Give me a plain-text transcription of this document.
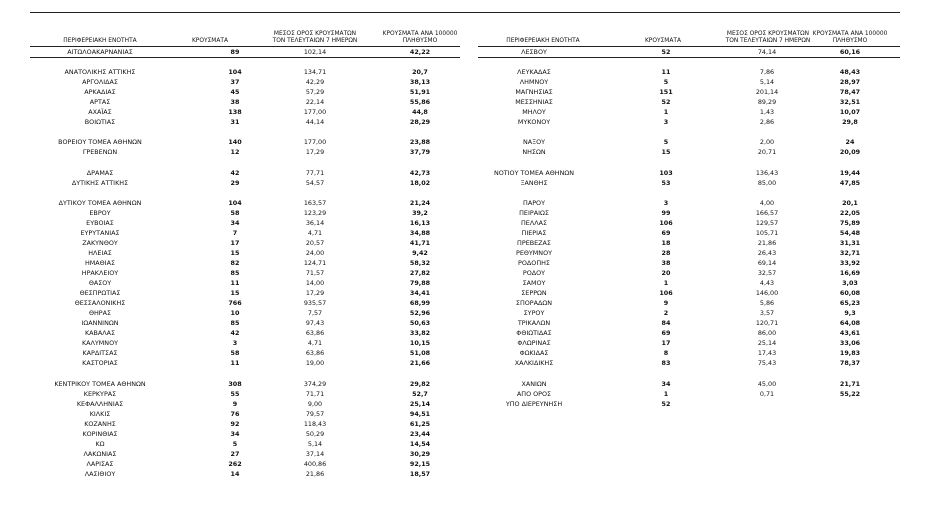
ΠΕΡΙΦΕΡΕΙΑΚΗ ΕΝΟΤΗΤΑ	ΚΡΟΥΣΜΑΤΑ
ΜΕΣΟΣ ΟΡΟΣ ΚΡΟΥΣΜΑΤΩΝ
ΤΟΝ ΤΕΛΕΥΤΑΙΩΝ 7 ΗΜΕΡΩΝ
ΚΡΟΥΣΜΑΤΑ ΑΝΑ 100000
ΠΛΗΘΥΣΜΟ
ΑΙΤΩΛΟΑΚΑΡΝΑΝΙΑΣ	89	102,14	42,22
ΑΝΑΤΟΛΙΚΗΣ ΑΤΤΙΚΗΣ	104	134,71	20,7
ΑΡΓΟΛΙΔΑΣ	37	42,29	38,13
ΑΡΚΑΔΙΑΣ	45	57,29	51,91
ΑΡΤΑΣ	38	22,14	55,86
ΑΧΑΪΑΣ	138	177,00	44,8
ΒΟΙΩΤΙΑΣ	31	44,14	28,29
ΒΟΡΕΙΟΥ ΤΟΜΕΑ ΑΘΗΝΩΝ	140	177,00	23,88
ΓΡΕΒΕΝΩΝ	12	17,29	37,79
ΔΡΑΜΑΣ	42	77,71	42,73
ΔΥΤΙΚΗΣ ΑΤΤΙΚΗΣ	29	54,57	18,02
ΔΥΤΙΚΟΥ ΤΟΜΕΑ ΑΘΗΝΩΝ	104	163,57	21,24
ΕΒΡΟΥ	58	123,29	39,2
ΕΥΒΟΙΑΣ	34	36,14	16,13
ΕΥΡΥΤΑΝΙΑΣ	7	4,71	34,88
ΖΑΚΥΝΘΟΥ	17	20,57	41,71
ΗΛΕΙΑΣ	15	24,00	9,42
ΗΜΑΘΙΑΣ	82	124,71	58,32
ΗΡΑΚΛΕΙΟΥ	85	71,57	27,82
ΘΑΣΟΥ	11	14,00	79,88
ΘΕΣΠΡΩΤΙΑΣ	15	17,29	34,41
ΘΕΣΣΑΛΟΝΙΚΗΣ	766	935,57	68,99
ΘΗΡΑΣ	10	7,57	52,96
ΙΩΑΝΝΙΝΩΝ	85	97,43	50,63
ΚΑΒΑΛΑΣ	42	63,86	33,82
ΚΑΛΥΜΝΟΥ	3	4,71	10,15
ΚΑΡΔΙΤΣΑΣ	58	63,86	51,08
ΚΑΣΤΟΡΙΑΣ	11	19,00	21,66
ΚΕΝΤΡΙΚΟΥ ΤΟΜΕΑ ΑΘΗΝΩΝ	308	374,29	29,82
ΚΕΡΚΥΡΑΣ	55	71,71	52,7
ΚΕΦΑΛΛΗΝΙΑΣ	9	9,00	25,14
ΚΙΛΚΙΣ	76	79,57	94,51
ΚΟΖΑΝΗΣ	92	118,43	61,25
ΚΟΡΙΝΘΙΑΣ	34	50,29	23,44
ΚΩ	5	5,14	14,54
ΛΑΚΩΝΙΑΣ	27	37,14	30,29
ΛΑΡΙΣΑΣ	262	400,86	92,15
ΛΑΣΙΘΙΟΥ	14	21,86	18,57
ΠΕΡΙΦΕΡΕΙΑΚΗ ΕΝΟΤΗΤΑ	ΚΡΟΥΣΜΑΤΑ
ΜΕΣΟΣ ΟΡΟΣ ΚΡΟΥΣΜΑΤΩΝ
ΤΟΝ ΤΕΛΕΥΤΑΙΩΝ 7 ΗΜΕΡΩΝ
ΚΡΟΥΣΜΑΤΑ ΑΝΑ 100000
ΠΛΗΘΥΣΜΟ
ΛΕΣΒΟΥ	52	74,14	60,16
ΛΕΥΚΑΔΑΣ	11	7,86	48,43
ΛΗΜΝΟΥ	5	5,14	28,97
ΜΑΓΝΗΣΙΑΣ	151	201,14	78,47
ΜΕΣΣΗΝΙΑΣ	52	89,29	32,51
ΜΗΛΟΥ	1	1,43	10,07
ΜΥΚΟΝΟΥ	3	2,86	29,8
ΝΑΞΟΥ	5	2,00	24
ΝΗΣΩΝ	15	20,71	20,09
ΝΟΤΙΟΥ ΤΟΜΕΑ ΑΘΗΝΩΝ	103	136,43	19,44
ΞΑΝΘΗΣ	53	85,00	47,85
ΠΑΡΟΥ	3	4,00	20,1
ΠΕΙΡΑΙΩΣ	99	166,57	22,05
ΠΕΛΛΑΣ	106	129,57	75,89
ΠΙΕΡΙΑΣ	69	105,71	54,48
ΠΡΕΒΕΖΑΣ	18	21,86	31,31
ΡΕΘΥΜΝΟΥ	28	26,43	32,71
ΡΟΔΟΠΗΣ	38	69,14	33,92
ΡΟΔΟΥ	20	32,57	16,69
ΣΑΜΟΥ	1	4,43	3,03
ΣΕΡΡΩΝ	106	146,00	60,08
ΣΠΟΡΑΔΩΝ	9	5,86	65,23
ΣΥΡΟΥ	2	3,57	9,3
ΤΡΙΚΑΛΩΝ	84	120,71	64,08
ΦΘΙΩΤΙΔΑΣ	69	86,00	43,61
ΦΛΩΡΙΝΑΣ	17	25,14	33,06
ΦΩΚΙΔΑΣ	8	17,43	19,83
ΧΑΛΚΙΔΙΚΗΣ	83	75,43	78,37
ΧΑΝΙΩΝ	34	45,00	21,71
ΑΠΟ ΟΡΟΣ	1	0,71	55,22
ΥΠΟ ΔΙΕΡΕΥΝΗΣΗ	52
